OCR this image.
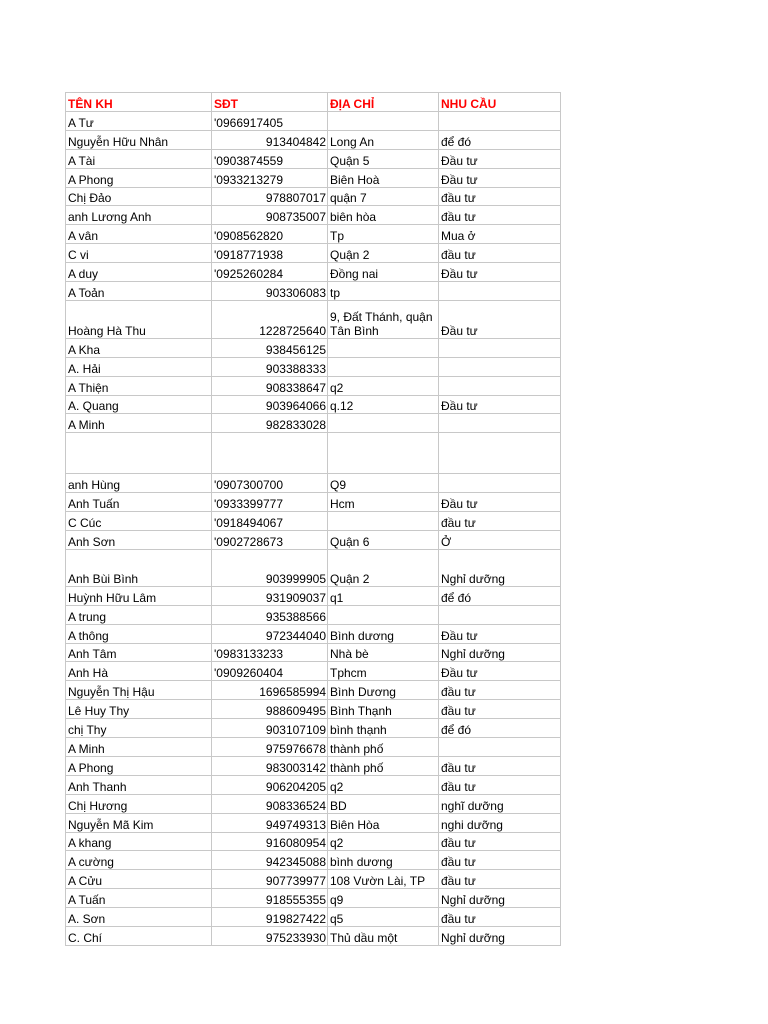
TÊN KH	SĐT	ĐỊA CHỈ	NHU CẦU
A Tư	'0966917405		
Nguyễn Hữu Nhân	913404842	Long An	để đó
A Tài	'0903874559	Quận 5	Đầu tư
A Phong	'0933213279	Biên Hoà	Đầu tư
Chị Đảo	978807017	quận 7	đầu tư
anh Lương Anh	908735007	biên hòa	đầu tư
A vân	'0908562820	Tp	Mua ở
C vi	'0918771938	Quận 2	đầu tư
A duy	'0925260284	Đồng nai	Đầu tư
A Toản	903306083	tp	
Hoàng Hà Thu	1228725640	9, Đất Thánh, quận Tân Bình	Đầu tư
A Kha	938456125		
A. Hải	903388333		
A Thiện	908338647	q2	
A. Quang	903964066	q.12	Đầu tư
A Minh	982833028		

anh Hùng	'0907300700	Q9	
Anh Tuấn	'0933399777	Hcm	Đầu tư
C Cúc	'0918494067		đầu tư
Anh Sơn	'0902728673	Quận 6	Ở
Anh Bùi Bình	903999905	Quận 2	Nghỉ dưỡng
Huỳnh Hữu Lâm	931909037	q1	để đó
A trung	935388566		
A thông	972344040	Bình dương	Đầu tư
Anh Tâm	'0983133233	Nhà bè	Nghỉ dưỡng
Anh Hà	'0909260404	Tphcm	Đầu tư
Nguyễn Thị Hậu	1696585994	Bình Dương	đầu tư
Lê Huy Thy	988609495	Bình Thạnh	đầu tư
chị Thy	903107109	bình thạnh	để đó
A Minh	975976678	thành phố	
A Phong	983003142	thành phố	đầu tư
Anh Thanh	906204205	q2	đầu tư
Chị Hương	908336524	BD	nghĩ dưỡng
Nguyễn Mã Kim	949749313	Biên Hòa	nghi dưỡng
A khang	916080954	q2	đầu tư
A cường	942345088	bình dương	đầu tư
A Cửu	907739977	108 Vườn Lài, TP	đầu tư
A Tuấn	918555355	q9	Nghỉ dưỡng
A. Sơn	919827422	q5	đầu tư
C. Chí	975233930	Thủ dầu một	Nghỉ dưỡng
